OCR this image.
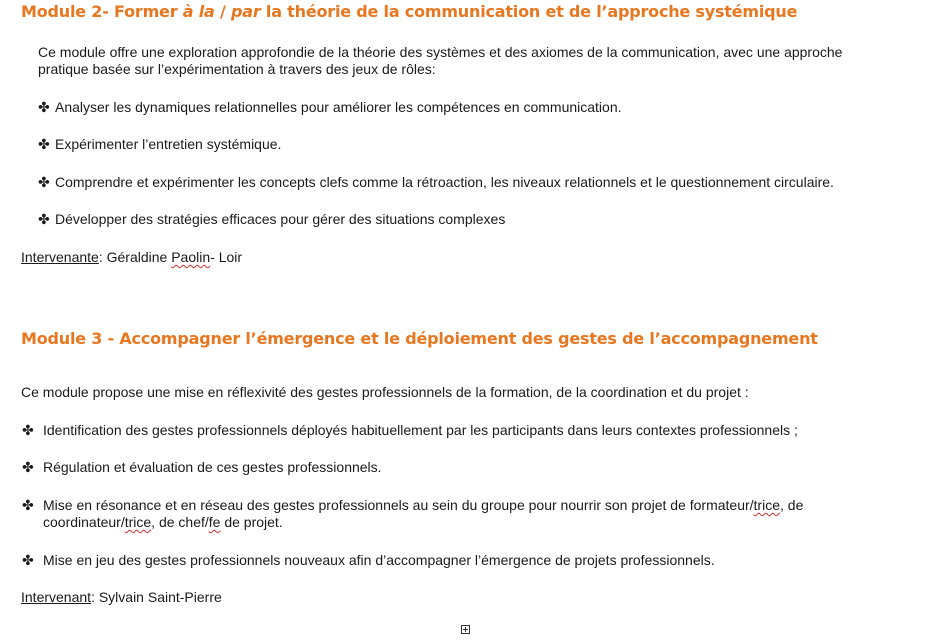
Module 2- Former à la / par la théorie de la communication et de l’approche systémique
Ce module offre une exploration approfondie de la théorie des systèmes et des axiomes de la communication, avec une approche
pratique basée sur l’expérimentation à travers des jeux de rôles:
✤ Analyser les dynamiques relationnelles pour améliorer les compétences en communication.
✤ Expérimenter l’entretien systémique.
✤ Comprendre et expérimenter les concepts clefs comme la rétroaction, les niveaux relationnels et le questionnement circulaire.
✤ Développer des stratégies efficaces pour gérer des situations complexes
Intervenante: Géraldine Paolin- Loir
Module 3 - Accompagner l’émergence et le déploiement des gestes de l’accompagnement
Ce module propose une mise en réflexivité des gestes professionnels de la formation, de la coordination et du projet :
✤ Identification des gestes professionnels déployés habituellement par les participants dans leurs contextes professionnels ;
✤ Régulation et évaluation de ces gestes professionnels.
✤ Mise en résonance et en réseau des gestes professionnels au sein du groupe pour nourrir son projet de formateur/trice, de
coordinateur/trice, de chef/fe de projet.
✤ Mise en jeu des gestes professionnels nouveaux afin d’accompagner l’émergence de projets professionnels.
Intervenant: Sylvain Saint-Pierre
